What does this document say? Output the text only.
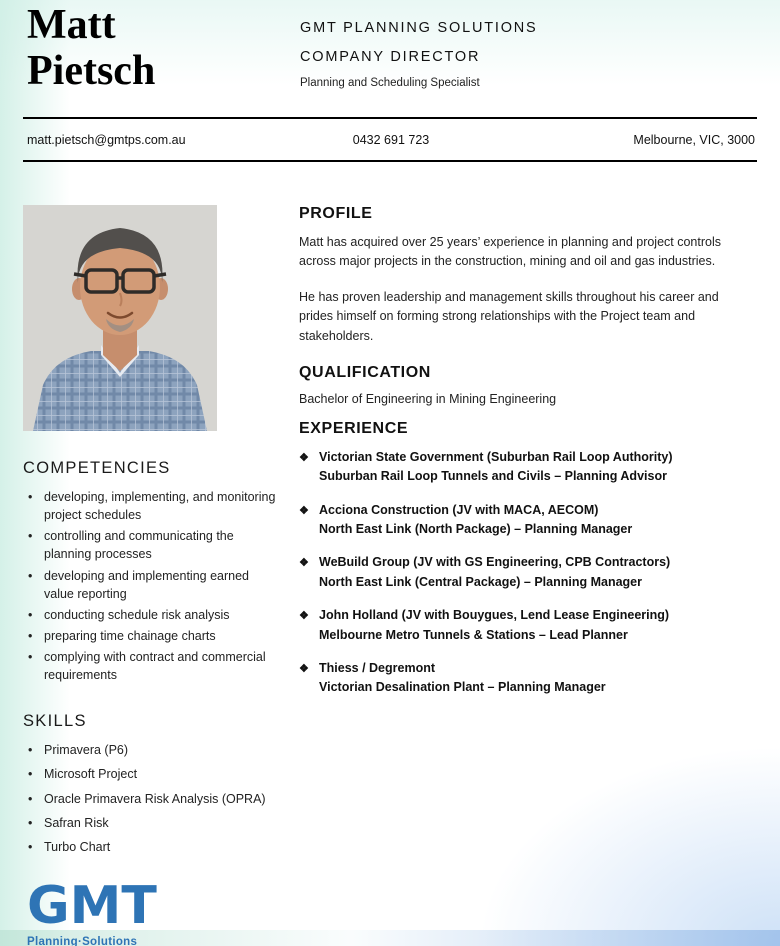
Matt
Pietsch
GMT PLANNING SOLUTIONS
COMPANY DIRECTOR
Planning and Scheduling Specialist
matt.pietsch@gmtps.com.au	0432 691 723	Melbourne, VIC, 3000
COMPETENCIES
• developing, implementing, and monitoring project schedules
• controlling and communicating the planning processes
• developing and implementing earned value reporting
• conducting schedule risk analysis
• preparing time chainage charts
• complying with contract and commercial requirements
SKILLS
• Primavera (P6)
• Microsoft Project
• Oracle Primavera Risk Analysis (OPRA)
• Safran Risk
• Turbo Chart
GMT
Planning·Solutions
PROFILE
Matt has acquired over 25 years’ experience in planning and project controls across major projects in the construction, mining and oil and gas industries.
He has proven leadership and management skills throughout his career and prides himself on forming strong relationships with the Project team and stakeholders.
QUALIFICATION
Bachelor of Engineering in Mining Engineering
EXPERIENCE
❖ Victorian State Government (Suburban Rail Loop Authority)
Suburban Rail Loop Tunnels and Civils – Planning Advisor
❖ Acciona Construction (JV with MACA, AECOM)
North East Link (North Package) – Planning Manager
❖ WeBuild Group (JV with GS Engineering, CPB Contractors)
North East Link (Central Package) – Planning Manager
❖ John Holland (JV with Bouygues, Lend Lease Engineering)
Melbourne Metro Tunnels & Stations – Lead Planner
❖ Thiess / Degremont
Victorian Desalination Plant – Planning Manager
